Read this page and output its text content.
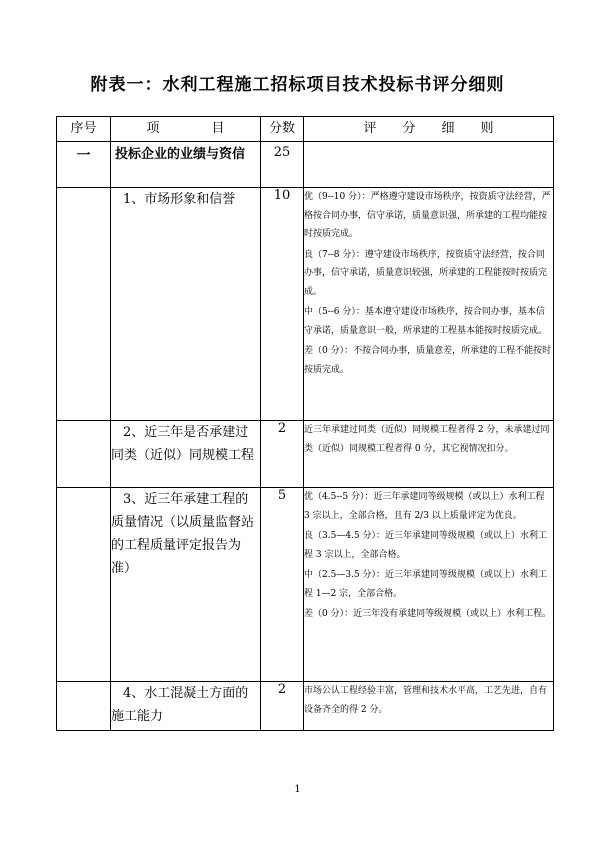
附表一：水利工程施工招标项目技术投标书评分细则
序号	项　　　　目	分数	评　　分　　细　　则
一	投标企业的业绩与资信	25	
	1、市场形象和信誉	10	优（9--10 分）：严格遵守建设市场秩序，按资质守法经营，严格按合同办事，信守承诺，质量意识强，所承建的工程均能按时按质完成。

良（7--8 分）：遵守建设市场秩序，按资质守法经营，按合同办事，信守承诺，质量意识较强，所承建的工程能按时按质完成。

中（5--6 分）：基本遵守建设市场秩序，按合同办事，基本信守承诺，质量意识一般，所承建的工程基本能按时按质完成。

差（0 分）：不按合同办事，质量意差，所承建的工程不能按时按质完成。

	2、近三年是否承建过同类（近似）同规模工程	2	近三年承建过同类（近似）同规模工程者得 2 分，未承建过同类（近似）同规模工程者得 0 分，其它视情况扣分。

	3、近三年承建工程的质量情况（以质量监督站的工程质量评定报告为准）	5	优（4.5--5 分）：近三年承建同等级规模（或以上）水利工程 3 宗以上，全部合格，且有 2/3 以上质量评定为优良。

良（3.5—4.5 分）：近三年承建同等级规模（或以上）水利工程 3 宗以上，全部合格。

中（2.5—3.5 分）：近三年承建同等级规模（或以上）水利工程 1—2 宗，全部合格。

差（0 分）：近三年没有承建同等级规模（或以上）水利工程。

	4、水工混凝土方面的施工能力	2	市场公认工程经验丰富，管理和技术水平高，工艺先进，自有设备齐全的得 2 分。

1
